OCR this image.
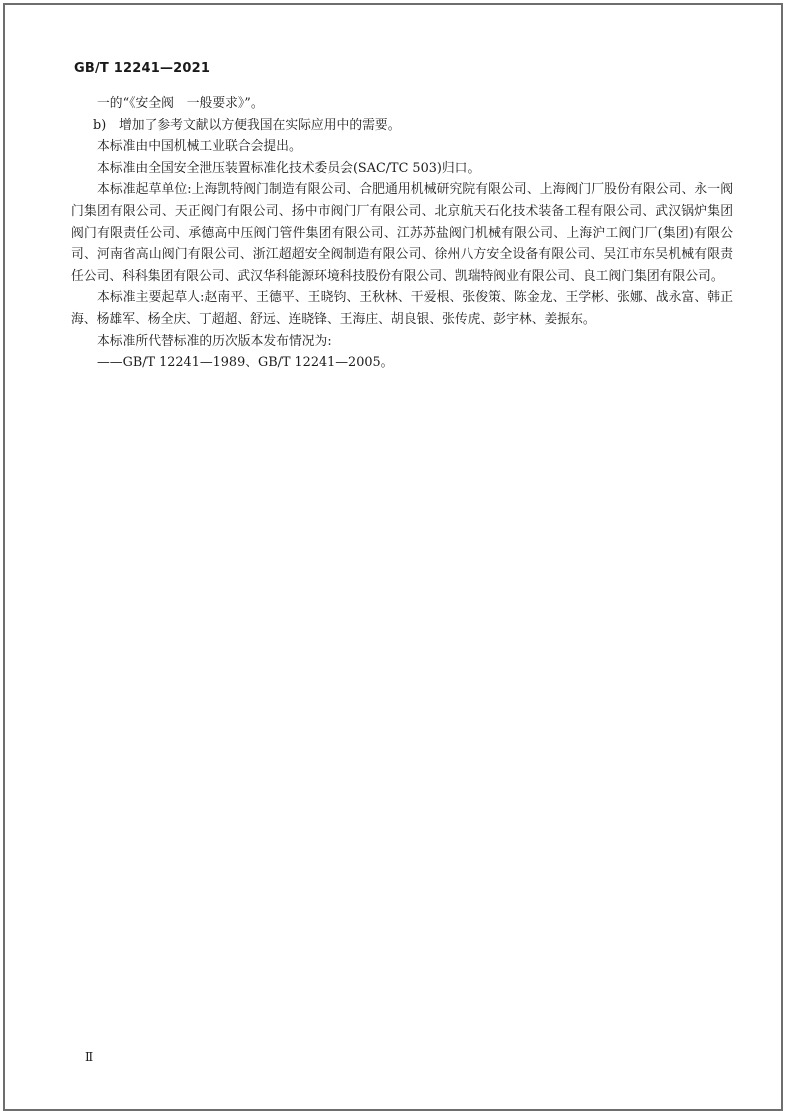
GB/T 12241—2021

一的“《安全阀　一般要求》”。

b)　增加了参考文献以方便我国在实际应用中的需要。

本标准由中国机械工业联合会提出。

本标准由全国安全泄压装置标准化技术委员会(SAC/TC 503)归口。

本标准起草单位:上海凯特阀门制造有限公司、合肥通用机械研究院有限公司、上海阀门厂股份有限公司、永一阀门集团有限公司、天正阀门有限公司、扬中市阀门厂有限公司、北京航天石化技术装备工程有限公司、武汉锅炉集团阀门有限责任公司、承德高中压阀门管件集团有限公司、江苏苏盐阀门机械有限公司、上海沪工阀门厂(集团)有限公司、河南省高山阀门有限公司、浙江超超安全阀制造有限公司、徐州八方安全设备有限公司、吴江市东吴机械有限责任公司、科科集团有限公司、武汉华科能源环境科技股份有限公司、凯瑞特阀业有限公司、良工阀门集团有限公司。

本标准主要起草人:赵南平、王德平、王晓钧、王秋林、干爱根、张俊策、陈金龙、王学彬、张娜、战永富、韩正海、杨雄军、杨全庆、丁超超、舒远、连晓锋、王海庄、胡良银、张传虎、彭宇林、姜振东。

本标准所代替标准的历次版本发布情况为:

——GB/T 12241—1989、GB/T 12241—2005。

Ⅱ
